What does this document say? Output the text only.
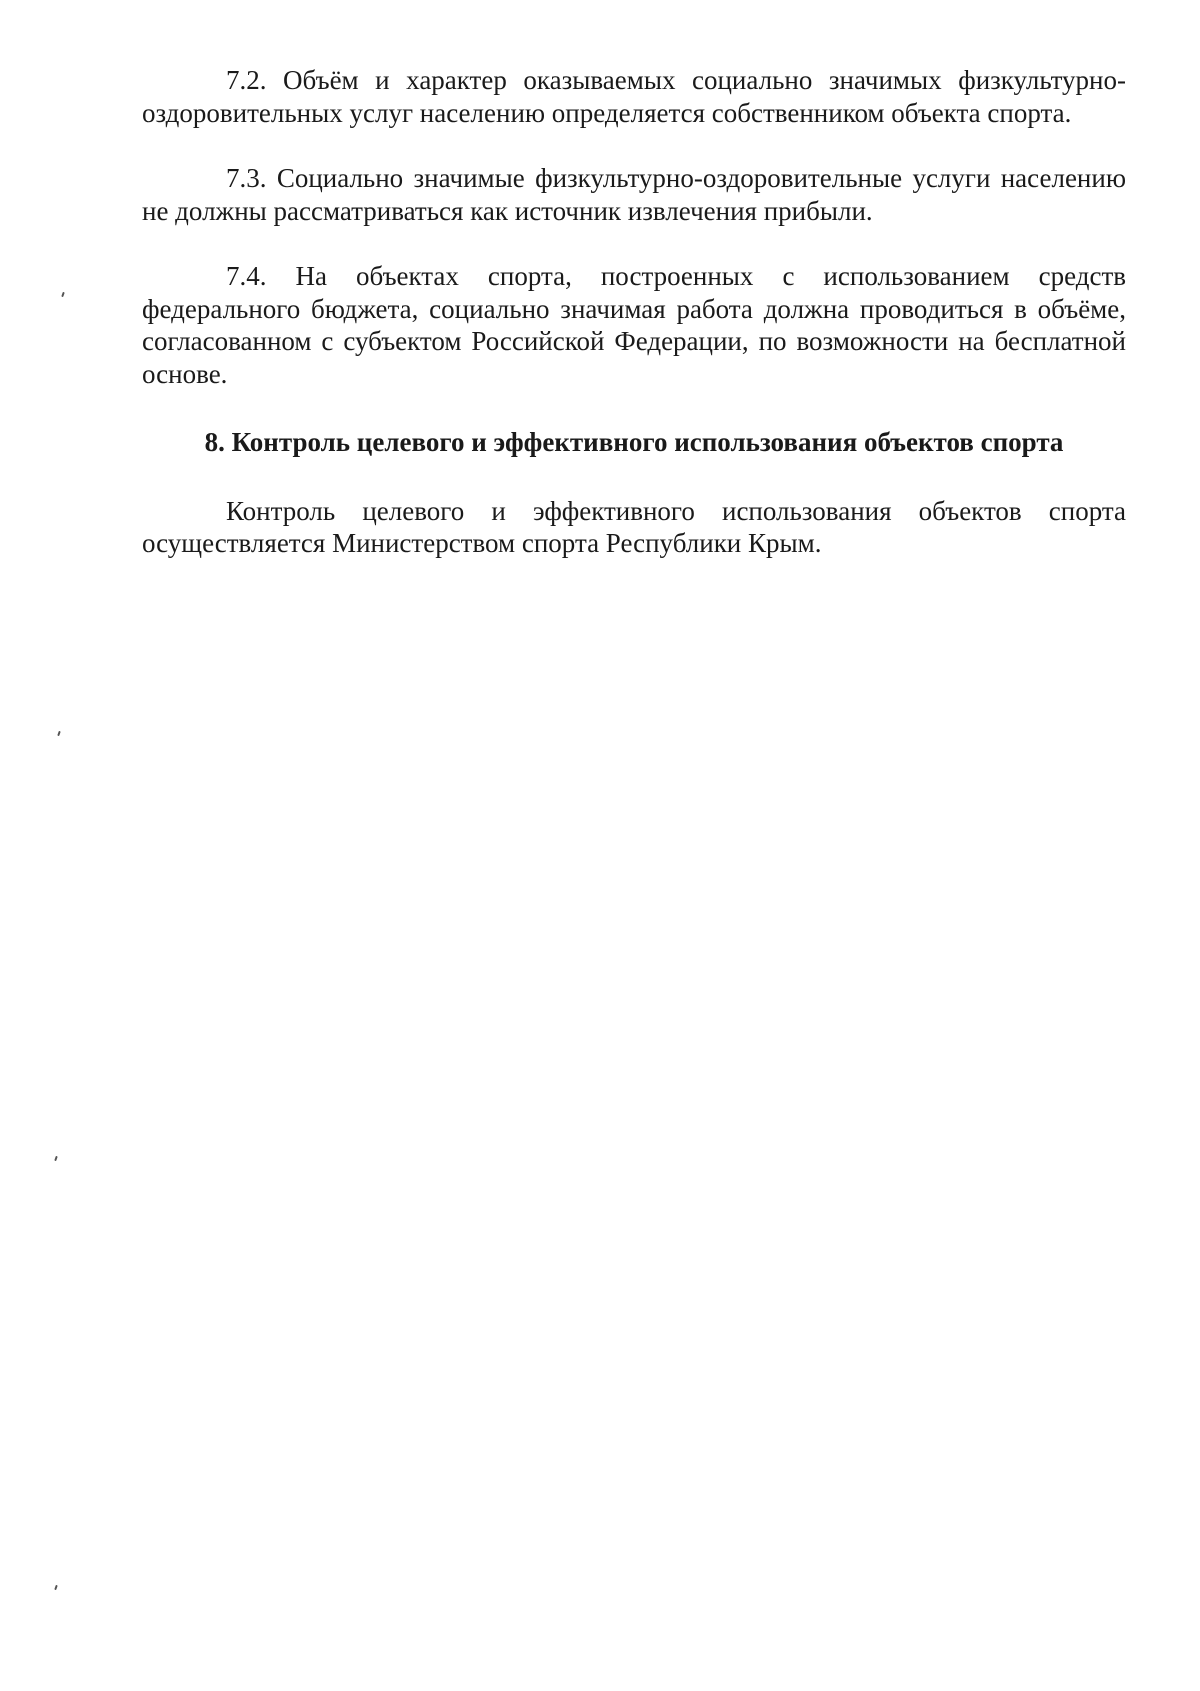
7.2. Объём и характер оказываемых социально значимых физкультурно-оздоровительных услуг населению определяется собственником объекта спорта.

7.3. Социально значимые физкультурно-оздоровительные услуги населению не должны рассматриваться как источник извлечения прибыли.

7.4. На объектах спорта, построенных с использованием средств федерального бюджета, социально значимая работа должна проводиться в объёме, согласованном с субъектом Российской Федерации, по возможности на бесплатной основе.

8. Контроль целевого и эффективного использования объектов спорта

Контроль целевого и эффективного использования объектов спорта осуществляется Министерством спорта Республики Крым.
